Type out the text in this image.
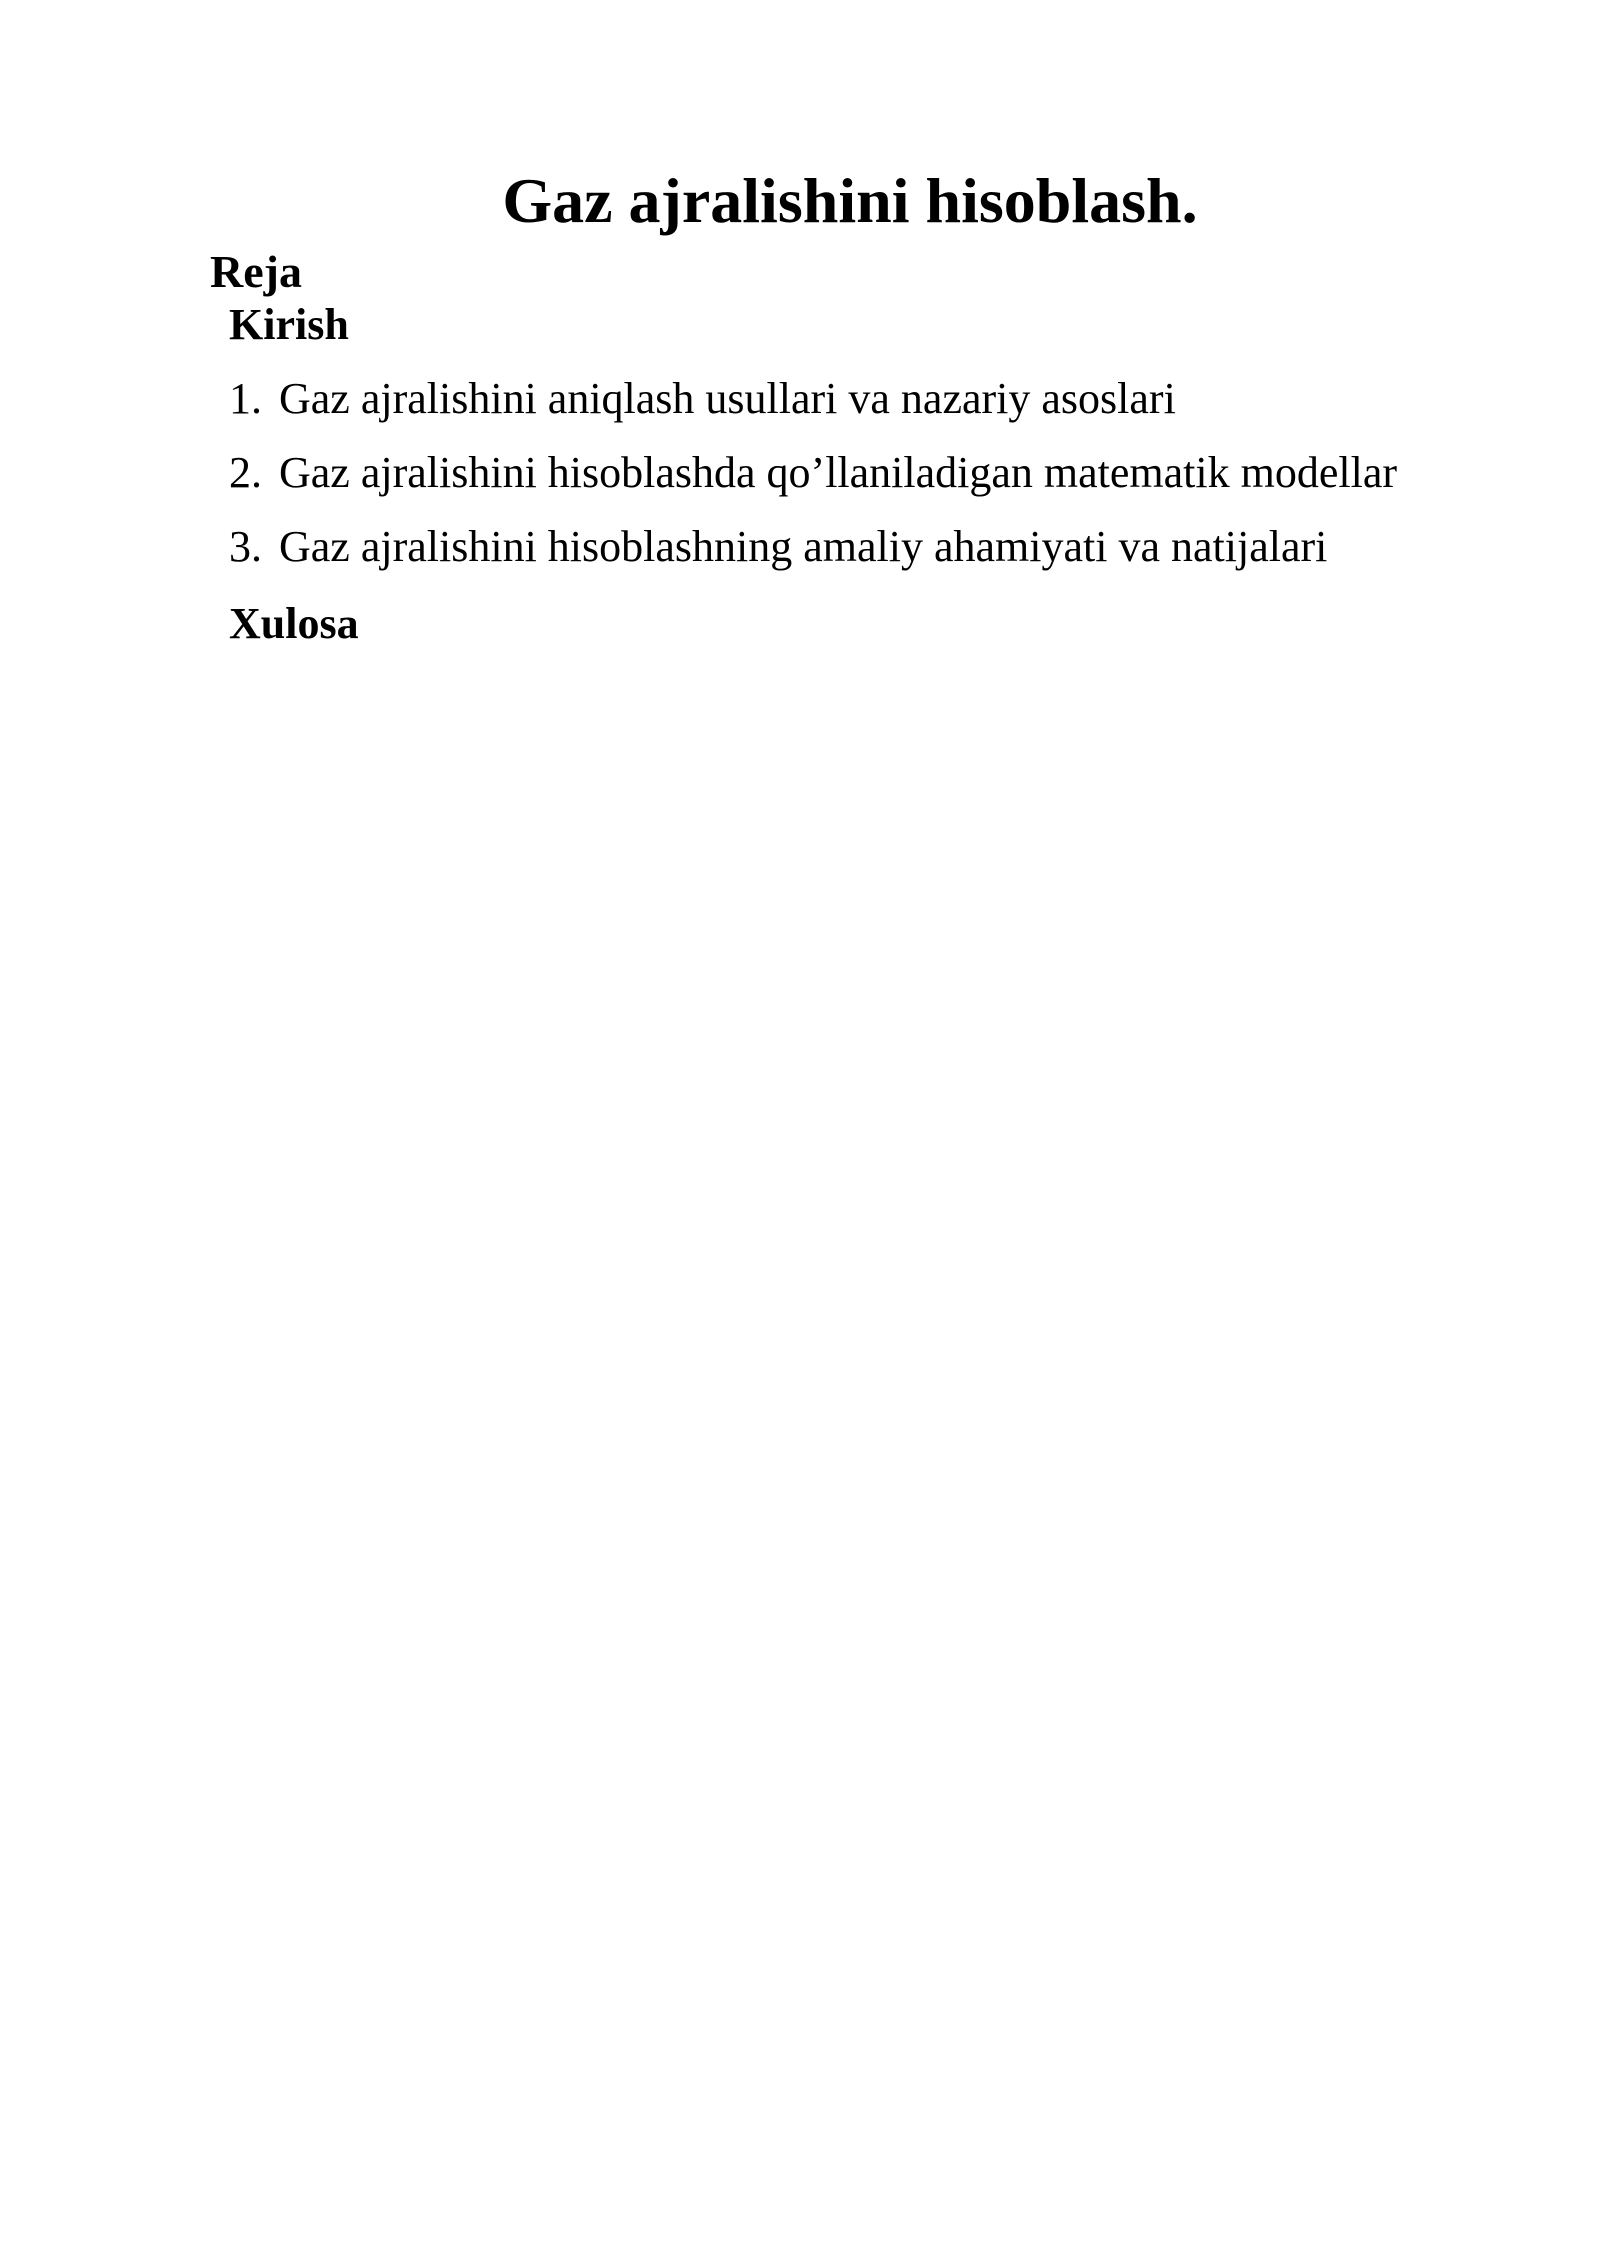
Gaz ajralishini hisoblash.
Reja
Kirish
1. Gaz ajralishini aniqlash usullari va nazariy asoslari
2. Gaz ajralishini hisoblashda qo’llaniladigan matematik modellar
3. Gaz ajralishini hisoblashning amaliy ahamiyati va natijalari
Xulosa
